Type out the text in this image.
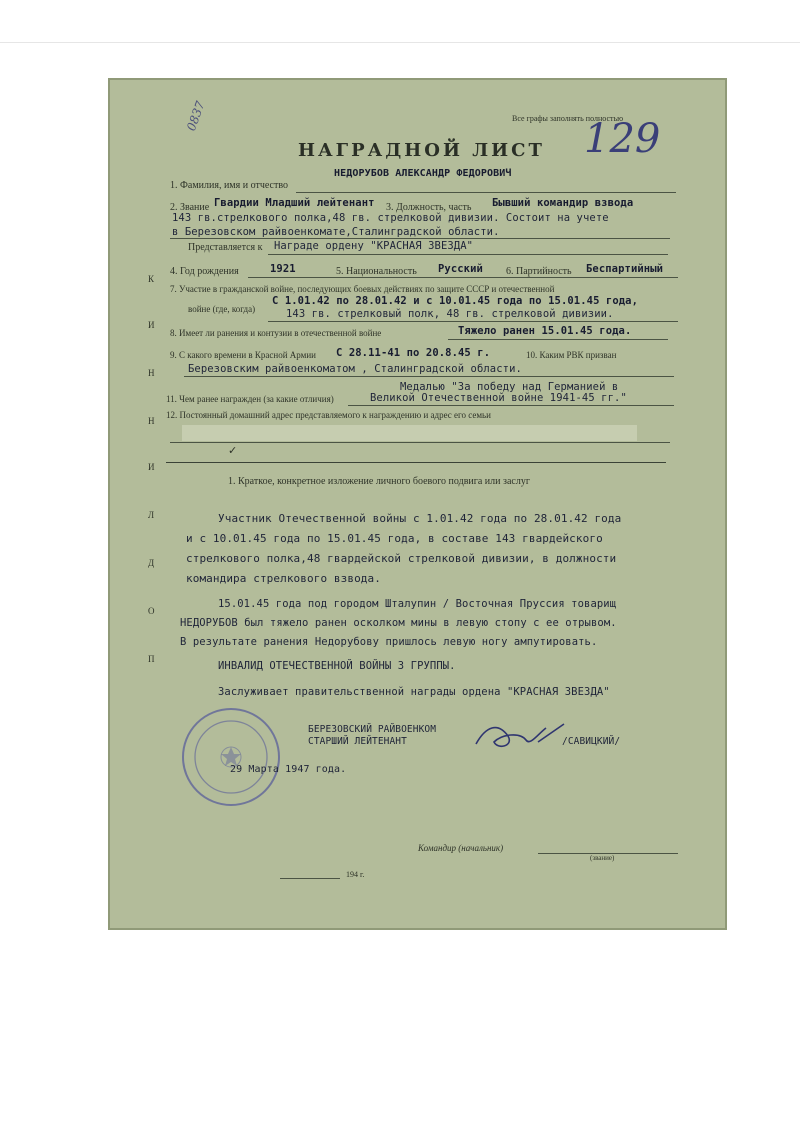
К
И
Н
Н
И
Л
Д
О
П
0837	Все графы заполнять полностью
129
НАГРАДНОЙ ЛИСТ
1. Фамилия, имя и отчество
НЕДОРУБОВ АЛЕКСАНДР ФЕДОРОВИЧ
2. Звание Гвардии Младший лейтенант 3. Должность, часть Бывший командир взвода
143 гв.стрелкового полка,48 гв. стрелковой дивизии. Состоит на учете
в Березовском райвоенкомате,Сталинградской области.
Представляется к Награде ордену "КРАСНАЯ ЗВЕЗДА"
4. Год рождения	1921	5. Национальность Русский 6. Партийность Беспартийный
7. Участие в гражданской войне, последующих боевых действиях по защите СССР и отечественной
войне (где, когда)
С 1.01.42 по 28.01.42 и с 10.01.45 года по 15.01.45 года,
143 гв. стрелковый полк, 48 гв. стрелковой дивизии.
8. Имеет ли ранения и контузии в отечественной войне	Тяжело ранен 15.01.45 года.
9. С какого времени в Красной Армии С 28.11-41 по 20.8.45 г.	10. Каким РВК призван
Березовским райвоенкоматом , Сталинградской области.
11. Чем ранее награжден (за какие отличия)
Медалью "За победу над Германией в
Великой Отечественной войне 1941-45 гг."
12. Постоянный домашний адрес представляемого к награждению и адрес его семьи
✓
1. Краткое, конкретное изложение личного боевого подвига или заслуг
Участник Отечественной войны с 1.01.42 года по 28.01.42 года
и с 10.01.45 года по 15.01.45 года, в составе 143 гвардейского
стрелкового полка,48 гвардейской стрелковой дивизии, в должности
командира стрелкового взвода.
15.01.45 года под городом Шталупин / Восточная Пруссия товарищ
НЕДОРУБОВ был тяжело ранен осколком мины в левую стопу с ее отрывом.
В результате ранения Недорубову пришлось левую ногу ампутировать.
ИНВАЛИД ОТЕЧЕСТВЕННОЙ ВОЙНЫ 3 ГРУППЫ.
Заслуживает правительственной награды ордена "КРАСНАЯ ЗВЕЗДА"
БЕРЕЗОВСКИЙ РАЙВОЕНКОМ
СТАРШИЙ ЛЕЙТЕНАНТ	/САВИЦКИЙ/
29 Марта 1947 года.
Командир (начальник)
(звание)
194 г.
